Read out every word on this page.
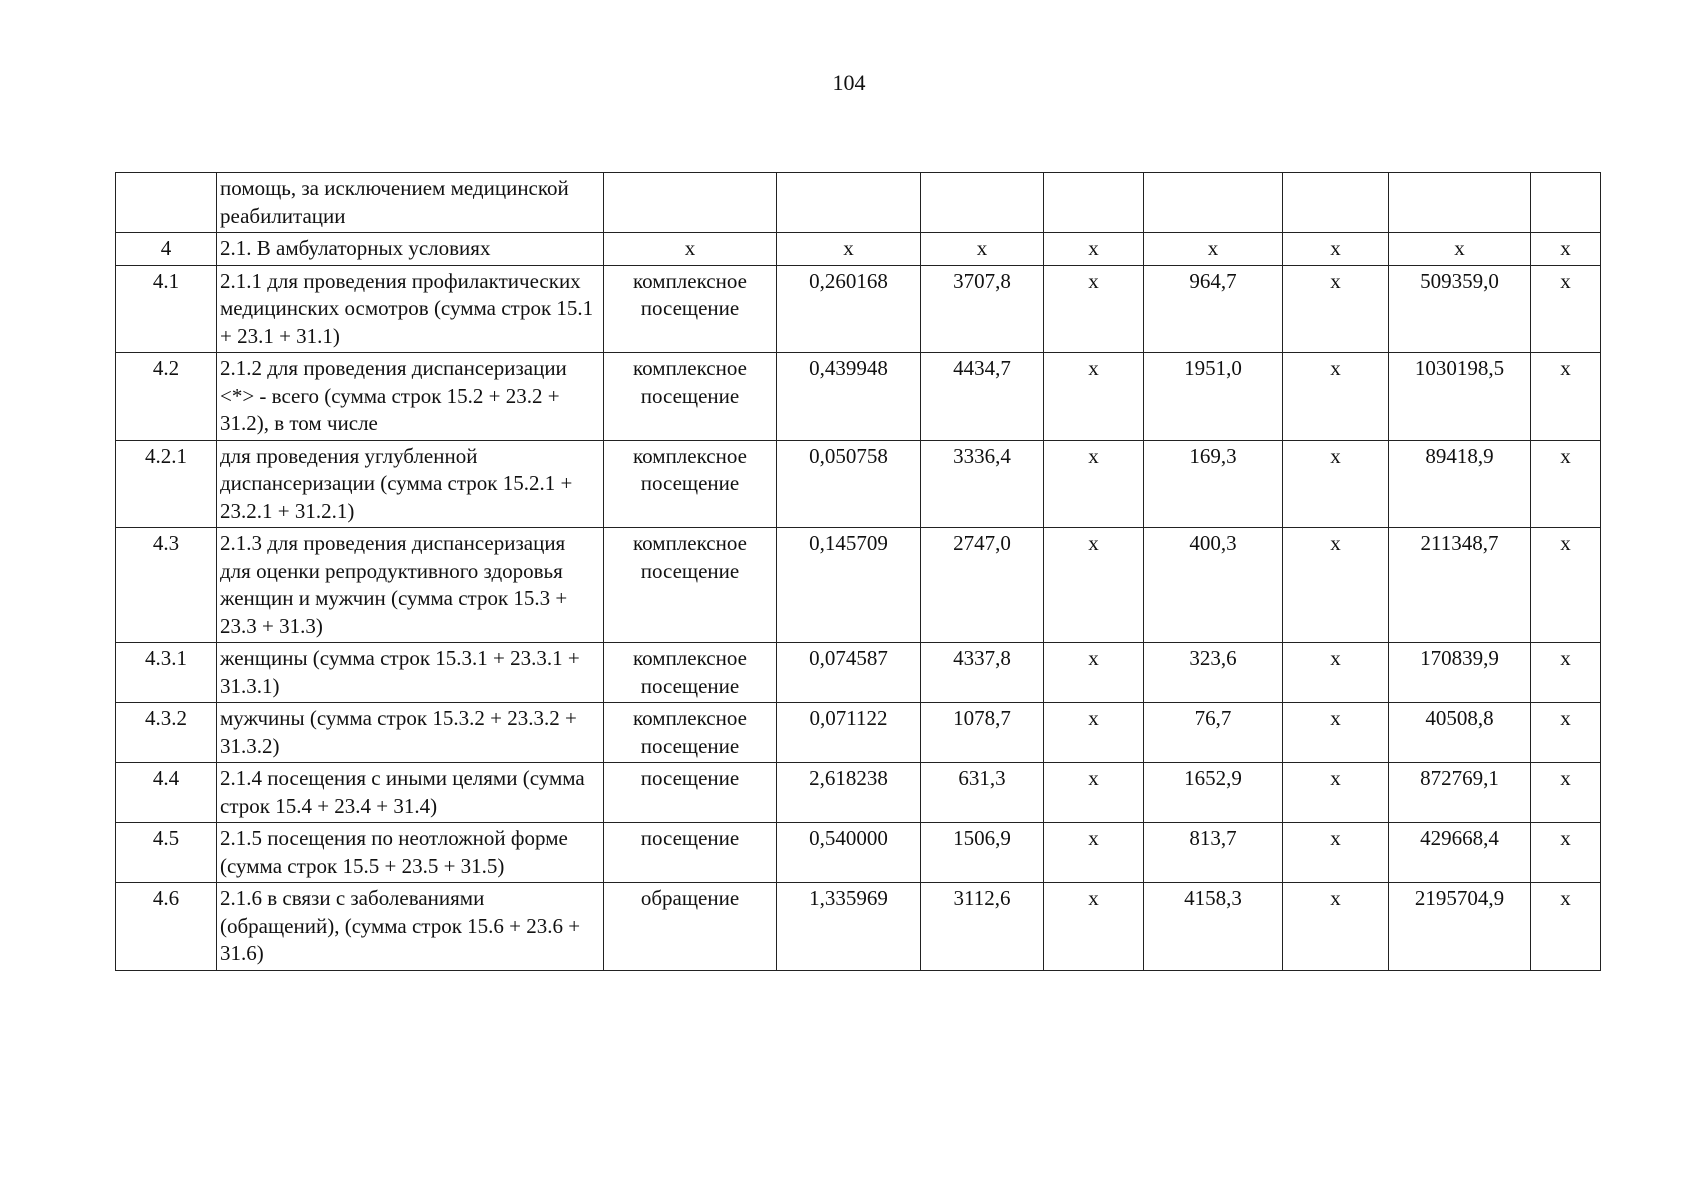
104
	помощь, за исключением медицинской реабилитации								
4	2.1. В амбулаторных условиях	х	х	х	х	х	х	х	х
4.1	2.1.1 для проведения профилактических медицинских осмотров (сумма строк 15.1 + 23.1 + 31.1)	комплексное посещение	0,260168	3707,8	х	964,7	х	509359,0	х
4.2	2.1.2 для проведения диспансеризации <*> - всего (сумма строк 15.2 + 23.2 + 31.2), в том числе	комплексное посещение	0,439948	4434,7	х	1951,0	х	1030198,5	х
4.2.1	для проведения углубленной диспансеризации (сумма строк 15.2.1 + 23.2.1 + 31.2.1)	комплексное посещение	0,050758	3336,4	х	169,3	х	89418,9	х
4.3	2.1.3 для проведения диспансеризация для оценки репродуктивного здоровья женщин и мужчин (сумма строк 15.3 + 23.3 + 31.3)	комплексное посещение	0,145709	2747,0	х	400,3	х	211348,7	х
4.3.1	женщины (сумма строк 15.3.1 + 23.3.1 + 31.3.1)	комплексное посещение	0,074587	4337,8	х	323,6	х	170839,9	х
4.3.2	мужчины (сумма строк 15.3.2 + 23.3.2 + 31.3.2)	комплексное посещение	0,071122	1078,7	х	76,7	х	40508,8	х
4.4	2.1.4 посещения с иными целями (сумма строк 15.4 + 23.4 + 31.4)	посещение	2,618238	631,3	х	1652,9	х	872769,1	х
4.5	2.1.5 посещения по неотложной форме (сумма строк 15.5 + 23.5 + 31.5)	посещение	0,540000	1506,9	х	813,7	х	429668,4	х
4.6	2.1.6 в связи с заболеваниями (обращений), (сумма строк 15.6 + 23.6 + 31.6)	обращение	1,335969	3112,6	х	4158,3	х	2195704,9	х
